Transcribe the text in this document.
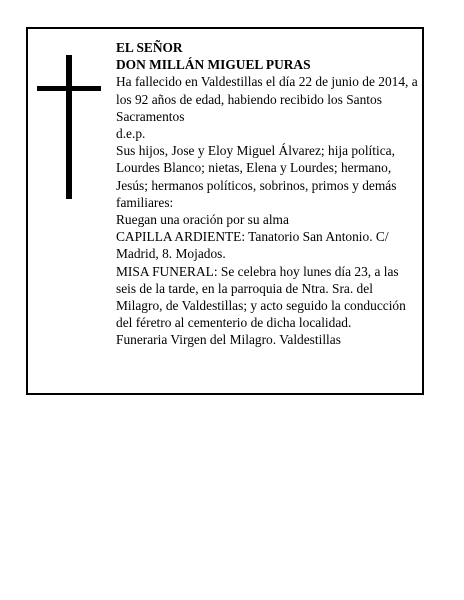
EL SEÑOR

DON MILLÁN MIGUEL PURAS

Ha fallecido en Valdestillas el día 22 de junio de 2014, a los 92 años de edad, habiendo recibido los Santos Sacramentos

d.e.p.

Sus hijos, Jose y Eloy Miguel Álvarez; hija política, Lourdes Blanco; nietas, Elena y Lourdes; hermano, Jesús; hermanos políticos, sobrinos, primos y demás familiares:

Ruegan una oración por su alma

CAPILLA ARDIENTE: Tanatorio San Antonio. C/ Madrid, 8. Mojados.

MISA FUNERAL: Se celebra hoy lunes día 23, a las seis de la tarde, en la parroquia de Ntra. Sra. del Milagro, de Valdestillas; y acto seguido la conducción del féretro al cementerio de dicha localidad.

Funeraria Virgen del Milagro. Valdestillas
